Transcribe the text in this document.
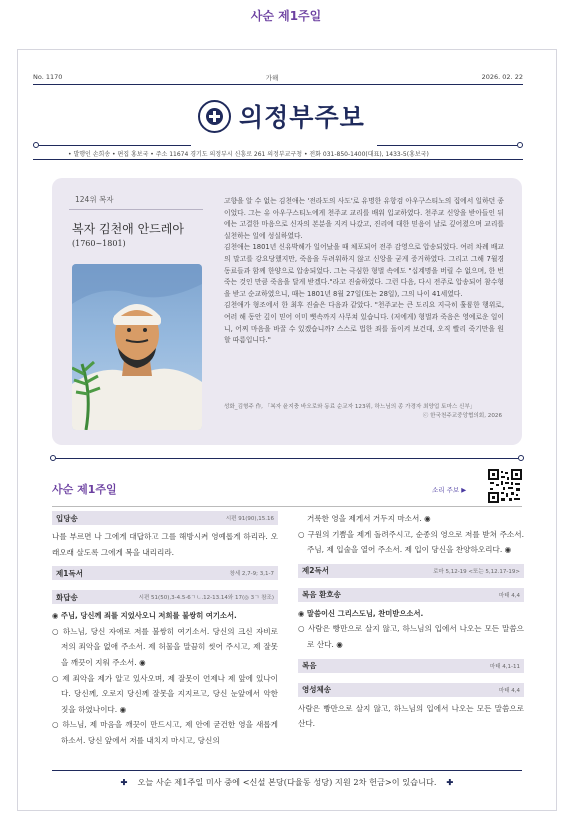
사순 제1주일
No. 1170	가해	2026. 02. 22
의정부주보
• 발행인 손희송 • 편집 홍보국 • 주소 11674 경기도 의정부시 신흥로 261 의정부교구청 • 전화 031-850-1400(대표), 1433-5(홍보국)
124위 복자
복자 김천애 안드레아
(1760~1801)

고향을 알 수 없는 김천애는 '전라도의 사도'로 유명한 유항검 아우구스티노의 집에서 일하던 종이었다. 그는 유 아우구스티노에게 천주교 교리를 배워 입교하였다. 천주교 신앙을 받아들인 뒤에는 고결한 마음으로 신자의 본분을 지켜 나갔고, 진리에 대한 믿음이 날로 깊어졌으며 교리를 실천하는 일에 성실하였다.

김천애는 1801년 신유박해가 일어났을 때 체포되어 전주 감영으로 압송되었다. 여러 차례 배교의 말고를 강요당했지만, 죽음을 두려워하지 않고 신앙을 굳게 증거하였다. 그리고 그해 7월경 동료들과 함께 한양으로 압송되었다. 그는 극심한 형벌 속에도 "십계명을 버릴 수 없으며, 한 번 죽는 것인 만큼 죽음을 달게 받겠다."라고 진술하였다. 그런 다음, 다시 전주로 압송되어 참수형을 받고 순교하였으니, 때는 1801년 8월 27일(또는 28일), 그의 나이 41세였다.

김천애가 형조에서 한 최후 진술은 다음과 같았다. "천주교는 큰 도리요 지극히 훌륭한 행위로, 여러 해 동안 깊이 믿어 이미 뼛속까지 사무쳐 있습니다. (저에게) 형벌과 죽음은 영예로운 일이니, 어찌 마음을 바꿀 수 있겠습니까? 스스로 법한 죄를 돌이켜 보건대, 오직 빨리 죽기만을 원할 따름입니다."

성화_김형주 作, 「복자 윤지충 바오로와 동료 순교자 123위, 하느님의 종 가경자 최양업 토마스 신부」
ⓒ 한국천주교중앙협의회, 2026
사순 제1주일	소리 주보 ▶
입당송	시편 91(90),15.16
나를 부르면 나 그에게 대답하고 그를 해방시켜 영예롭게 하리라. 오래오래 살도록 그에게 복을 내리리라.
제1독서	창세 2,7-9; 3,1-7
화답송	시편 51(50),3-4.5-6ㄱㄴ.12-13.14와 17(◎ 3ㄱ 참조)
◉ 주님, 당신께 죄를 지었사오니 저희를 불쌍히 여기소서.
○ 하느님, 당신 자애로 저를 불쌍히 여기소서. 당신의 크신 자비로 저의 죄악을 없애 주소서. 제 허물을 말끔히 씻어 주시고, 제 잘못을 깨끗이 지워 주소서. ◉
○ 제 죄악을 제가 알고 있사오며, 제 잘못이 언제나 제 앞에 있나이다. 당신께, 오로지 당신께 잘못을 지지르고, 당신 눈앞에서 악한 짓을 하였나이다. ◉
○ 하느님, 제 마음을 깨끗이 만드시고, 제 안에 굳건한 영을 새롭게 하소서. 당신 앞에서 저를 내치지 마시고, 당신의
거룩한 영을 제게서 거두지 마소서. ◉
○ 구원의 기쁨을 제게 돌려주시고, 순종의 영으로 저를 받쳐 주소서. 주님, 제 입술을 열어 주소서. 제 입이 당신을 찬양하오리다. ◉
제2독서	로마 5,12-19 <또는 5,12.17-19>
복음 환호송	마태 4,4
◉ 말씀이신 그리스도님, 찬미받으소서.
○ 사람은 빵만으로 살지 않고, 하느님의 입에서 나오는 모든 말씀으로 산다. ◉
복음	마태 4,1-11
영성체송	마태 4,4
사람은 빵만으로 살지 않고, 하느님의 입에서 나오는 모든 말씀으로 산다.
✚ 오늘 사순 제1주일 미사 중에 <신설 본당(다율동 성당) 지원 2차 헌금>이 있습니다. ✚
